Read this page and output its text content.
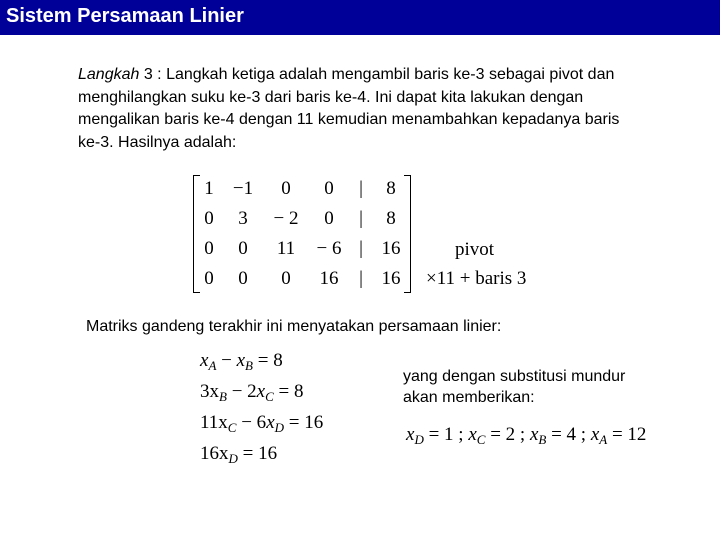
Sistem Persamaan Linier
Langkah 3 : Langkah ketiga adalah mengambil baris ke-3 sebagai pivot dan menghilangkan suku ke-3 dari baris ke-4. Ini dapat kita lakukan dengan mengalikan baris ke-4 dengan 11 kemudian menambahkan kepadanya baris ke-3. Hasilnya adalah:
1	−1	0	0	|	8
0	3	− 2	0	|	8
0	0	11	− 6 | 16
0	0	0	16	| 16
pivot
×11 + baris 3
Matriks gandeng terakhir ini menyatakan persamaan linier:
$x_A - x_B = 8$
$3x_B - 2x_C = 8$
$11x_C - 6x_D = 16$
$16x_D = 16$
yang dengan substitusi mundur akan memberikan:
$x_D = 1$ ; $x_C = 2$ ; $x_B = 4$ ; $x_A = 12$
